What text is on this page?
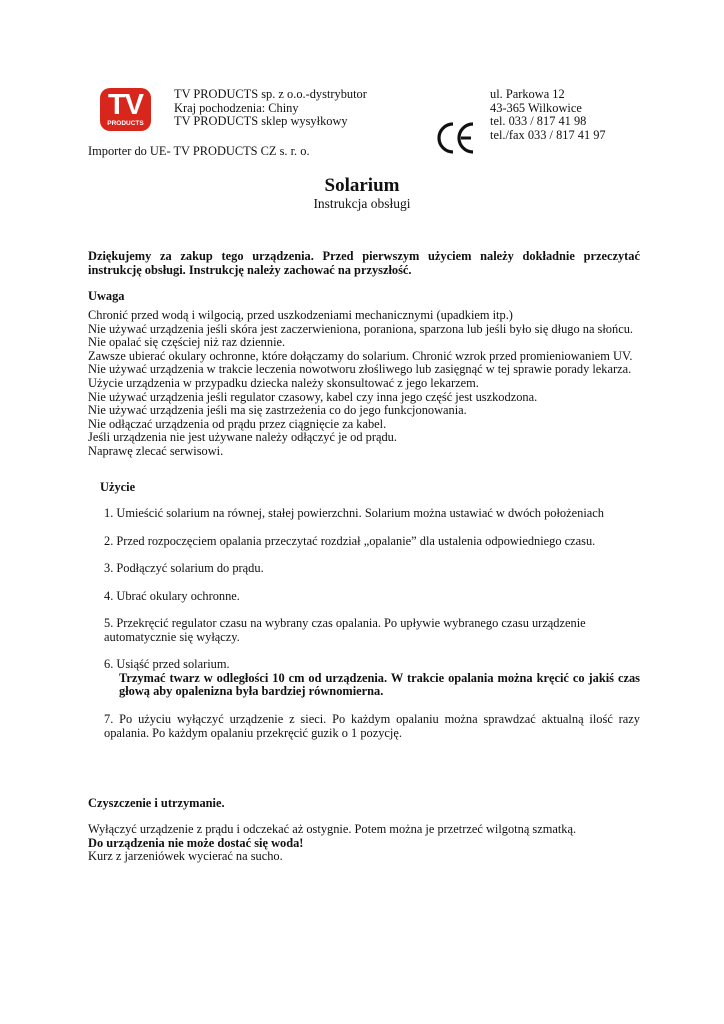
TV
PRODUCTS
TV PRODUCTS sp. z o.o.-dystrybutor
Kraj pochodzenia: Chiny
TV PRODUCTS sklep wysyłkowy
ul. Parkowa 12
43-365 Wilkowice
tel. 033 / 817 41 98
tel./fax 033 / 817 41 97
Importer do UE- TV PRODUCTS CZ s. r. o.
Solarium
Instrukcja obsługi
Dziękujemy za zakup tego urządzenia. Przed pierwszym użyciem należy dokładnie przeczytać instrukcję obsługi. Instrukcję należy zachować na przyszłość.
Uwaga
Chronić przed wodą i wilgocią, przed uszkodzeniami mechanicznymi (upadkiem itp.)
Nie używać urządzenia jeśli skóra jest zaczerwieniona, poraniona, sparzona lub jeśli było się długo na słońcu.
Nie opalać się częściej niż raz dziennie.
Zawsze ubierać okulary ochronne, które dołączamy do solarium. Chronić wzrok przed promieniowaniem UV.
Nie używać urządzenia w trakcie leczenia nowotworu złośliwego lub zasięgnąć w tej sprawie porady lekarza.
Użycie urządzenia w przypadku dziecka należy skonsultować z jego lekarzem.
Nie używać urządzenia jeśli regulator czasowy, kabel czy inna jego część jest uszkodzona.
Nie używać urządzenia jeśli ma się zastrzeżenia co do jego funkcjonowania.
Nie odłączać urządzenia od prądu przez ciągnięcie za kabel.
Jeśli urządzenia nie jest używane należy odłączyć je od prądu.
Naprawę zlecać serwisowi.
Użycie
1. Umieścić solarium na równej, stałej powierzchni. Solarium można ustawiać w dwóch położeniach
2. Przed rozpoczęciem opalania przeczytać rozdział „opalanie” dla ustalenia odpowiedniego czasu.
3. Podłączyć solarium do prądu.
4. Ubrać okulary ochronne.
5. Przekręcić regulator czasu na wybrany czas opalania. Po upływie wybranego czasu urządzenie automatycznie się wyłączy.
6. Usiąść przed solarium.
Trzymać twarz w odległości 10 cm od urządzenia. W trakcie opalania można kręcić co jakiś czas głową aby opalenizna była bardziej równomierna.
7. Po użyciu wyłączyć urządzenie z sieci. Po każdym opalaniu można sprawdzać aktualną ilość razy opalania. Po każdym opalaniu przekręcić guzik o 1 pozycję.
Czyszczenie i utrzymanie.
Wyłączyć urządzenie z prądu i odczekać aż ostygnie. Potem można je przetrzeć wilgotną szmatką.
Do urządzenia nie może dostać się woda!
Kurz z jarzeniówek wycierać na sucho.
